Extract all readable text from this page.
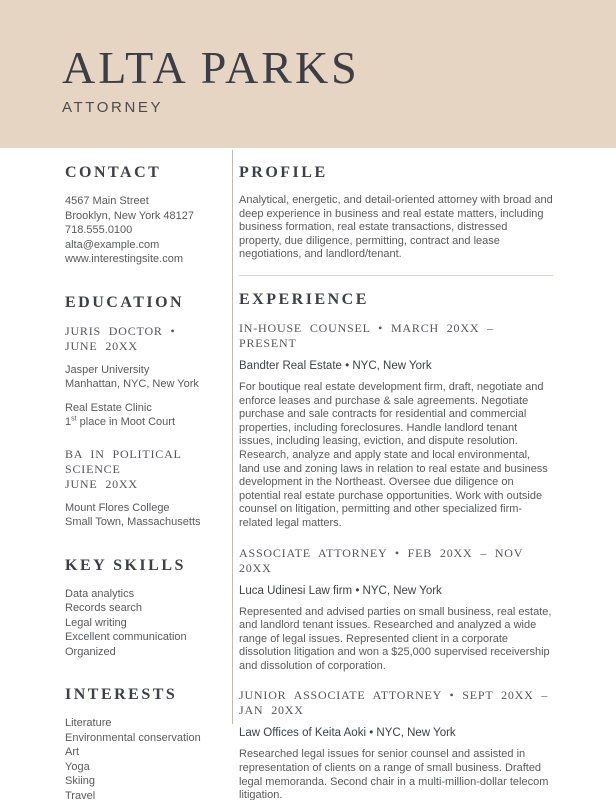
ALTA PARKS
ATTORNEY
CONTACT

4567 Main Street

Brooklyn, New York 48127

718.555.0100

alta@example.com

www.interestingsite.com

EDUCATION
JURIS DOCTOR • JUNE 20XX

Jasper University

Manhattan, NYC, New York

Real Estate Clinic

1st place in Moot Court

BA IN POLITICAL SCIENCE
JUNE 20XX

Mount Flores College

Small Town, Massachusetts

KEY SKILLS

Data analytics

Records search

Legal writing

Excellent communication

Organized

INTERESTS

Literature

Environmental conservation

Art

Yoga

Skiing

Travel

PROFILE

Analytical, energetic, and detail-oriented attorney with broad and deep experience in business and real estate matters, including business formation, real estate transactions, distressed property, due diligence, permitting, contract and lease negotiations, and landlord/tenant.

EXPERIENCE
IN-HOUSE COUNSEL • MARCH 20XX – PRESENT

Bandter Real Estate • NYC, New York

For boutique real estate development firm, draft, negotiate and enforce leases and purchase & sale agreements. Negotiate purchase and sale contracts for residential and commercial properties, including foreclosures. Handle landlord tenant issues, including leasing, eviction, and dispute resolution. Research, analyze and apply state and local environmental, land use and zoning laws in relation to real estate and business development in the Northeast. Oversee due diligence on potential real estate purchase opportunities. Work with outside counsel on litigation, permitting and other specialized firm-related legal matters.

ASSOCIATE ATTORNEY • FEB 20XX – NOV 20XX

Luca Udinesi Law firm • NYC, New York

Represented and advised parties on small business, real estate, and landlord tenant issues. Researched and analyzed a wide range of legal issues. Represented client in a corporate dissolution litigation and won a $25,000 supervised receivership and dissolution of corporation.

JUNIOR ASSOCIATE ATTORNEY • SEPT 20XX – JAN 20XX

Law Offices of Keita Aoki • NYC, New York

Researched legal issues for senior counsel and assisted in representation of clients on a range of small business. Drafted legal memoranda. Second chair in a multi-million-dollar telecom litigation.
